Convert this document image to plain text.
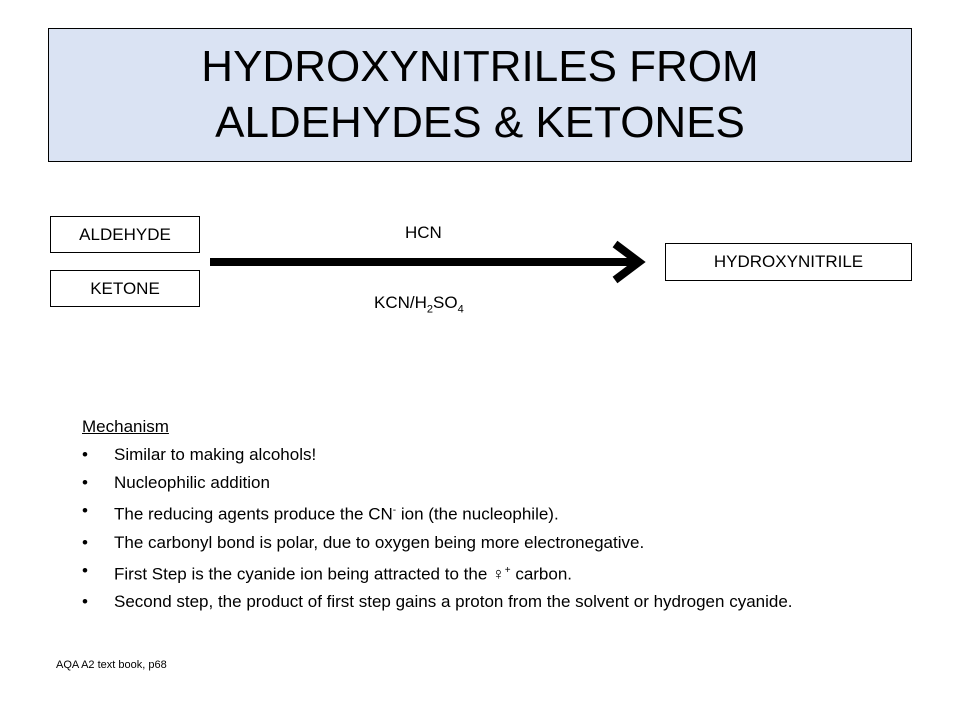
HYDROXYNITRILES FROM ALDEHYDES & KETONES
ALDEHYDE
KETONE
HCN
KCN/$H_2SO_4$
HYDROXYNITRILE
Mechanism
• Similar to making alcohols!
• Nucleophilic addition
• The reducing agents produce the CN- ion (the nucleophile).
• The carbonyl bond is polar, due to oxygen being more electronegative.
• First Step is the cyanide ion being attracted to the ♀+ carbon.
• Second step, the product of first step gains a proton from the solvent or hydrogen cyanide.
AQA A2 text book, p68
